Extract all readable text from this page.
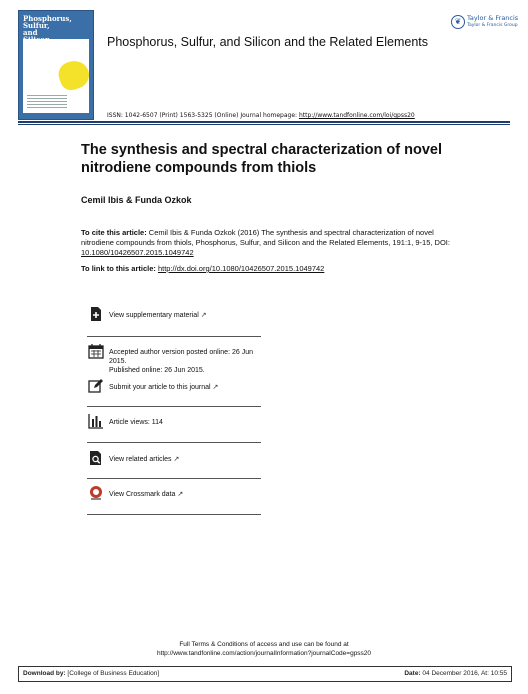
Phosphorus,
Sulfur,
and
Phosphorus, Sulfur, and Silicon and the Related Elements
❦ Taylor & Francis
Taylor & Francis Group
ISSN: 1042-6507 (Print) 1563-5325 (Online) Journal homepage: http://www.tandfonline.com/loi/gpss20
The synthesis and spectral characterization of novel nitrodiene compounds from thiols
Cemil Ibis & Funda Ozkok
To cite this article: Cemil Ibis & Funda Ozkok (2016) The synthesis and spectral characterization of novel nitrodiene compounds from thiols, Phosphorus, Sulfur, and Silicon and the Related Elements, 191:1, 9-15, DOI: 10.1080/10426507.2015.1049742
To link to this article: http://dx.doi.org/10.1080/10426507.2015.1049742
View supplementary material ↗
Accepted author version posted online: 26 Jun 2015.
Published online: 26 Jun 2015.
Submit your article to this journal ↗
Article views: 114
View related articles ↗
View Crossmark data ↗
Full Terms & Conditions of access and use can be found at
http://www.tandfonline.com/action/journalInformation?journalCode=gpss20
Download by: [College of Business Education]	Date: 04 December 2016, At: 10:55
